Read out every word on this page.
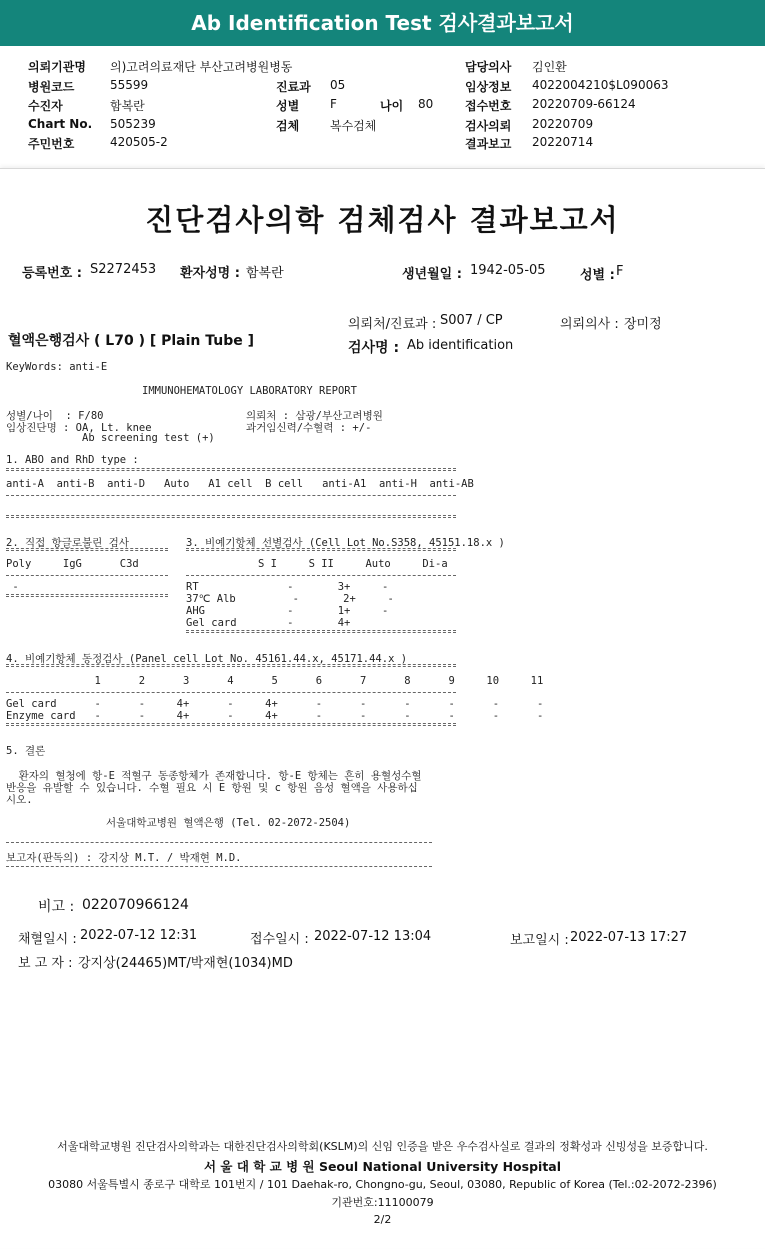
Ab Identification Test 검사결과보고서
의뢰기관명 의)고려의료재단 부산고려병원병동	담당의사 김인환
병원코드	55599	진료과 05	임상정보 4022004210$L090063
수진자	함복란	성별	F	나이 80	접수번호 20220709-66124
Chart No. 505239	검체	복수검체	검사의뢰 20220709
주민번호	420505-2	결과보고 20220714
진단검사의학 검체검사 결과보고서
등록번호 : S2272453 환자성명 : 함복란	생년월일 : 1942-05-05	성별 : F
의뢰처/진료과 : S007 / CP	의뢰의사 : 장미정
혈액은행검사 ( L70 ) [ Plain Tube ]	검사명 : Ab identification
KeyWords: anti-E
IMMUNOHEMATOLOGY LABORATORY REPORT
성별/나이  : F/80	의뢰처 : 삼광/부산고려병원
임상진단명 : OA, Lt. knee	과거임신력/수혈력 : +/-
Ab screening test (+)
1. ABO and RhD type :
anti-A  anti-B  anti-D   Auto   A1 cell  B cell   anti-A1  anti-H  anti-AB
2. 직접 항글로불린 검사
Poly     IgG      C3d
-
3. 비예기항체 선별검사 (Cell Lot No.S358, 45151.18.x )
S I     S II     Auto     Di-a
RT              -       3+     -
37℃ Alb         -       2+     -
AHG             -       1+     -
Gel card        -       4+
4. 비예기항체 동정검사 (Panel cell Lot No. 45161.44.x, 45171.44.x )
1      2      3      4      5      6      7      8      9     10     11
Gel card      -      -     4+      -     4+      -      -      -      -      -      -
Enzyme card   -      -     4+      -     4+      -      -      -      -      -      -
5. 결론
환자의 혈청에 항-E 적혈구 동종항체가 존재합니다. 항-E 항체는 흔히 용혈성수혈
반응을 유발할 수 있습니다. 수혈 필요 시 E 항원 및 c 항원 음성 혈액을 사용하십
시오.
서울대학교병원 혈액은행 (Tel. 02-2072-2504)
보고자(판독의) : 강지상 M.T. / 박재현 M.D.
비고 : 022070966124
채혈일시 : 2022-07-12 12:31	접수일시 : 2022-07-12 13:04	보고일시 : 2022-07-13 17:27
보 고 자 : 강지상(24465)MT/박재현(1034)MD
서울대학교병원 진단검사의학과는 대한진단검사의학회(KSLM)의 신임 인증을 받은 우수검사실로 결과의 정확성과 신빙성을 보증합니다.
서 울 대 학 교 병 원 Seoul National University Hospital
03080 서울특별시 종로구 대학로 101번지 / 101 Daehak-ro, Chongno-gu, Seoul, 03080, Republic of Korea (Tel.:02-2072-2396)
기관번호:11100079
2/2
